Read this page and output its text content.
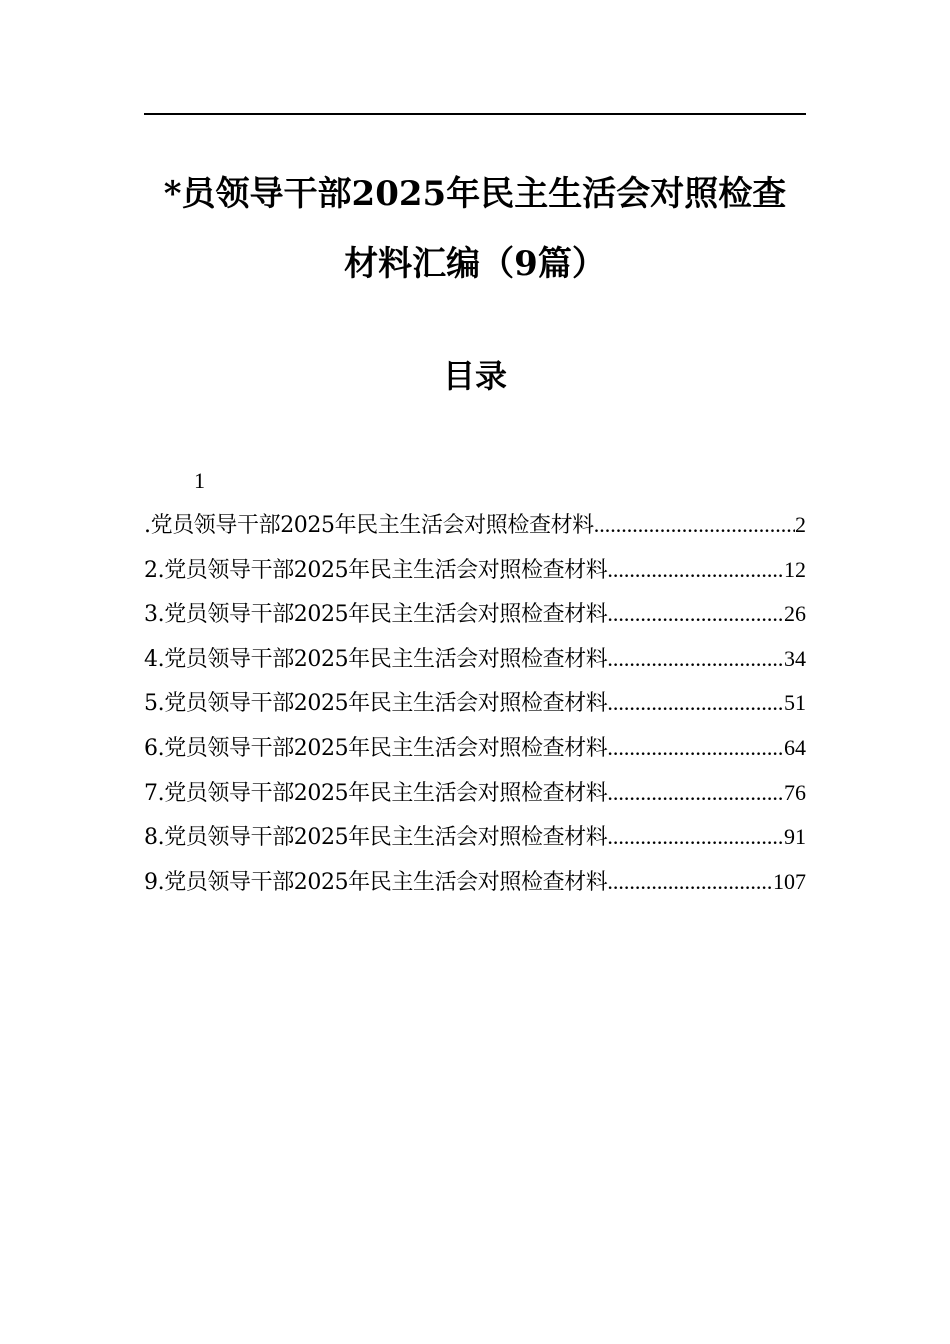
*员领导干部2025年民主生活会对照检查
材料汇编（9篇）
目录
1
.党员领导干部2025年民主生活会对照检查材料 .....	2
2.党员领导干部2025年民主生活会对照检查材料 .....	12
3.党员领导干部2025年民主生活会对照检查材料 .....	26
4.党员领导干部2025年民主生活会对照检查材料 .....	34
5.党员领导干部2025年民主生活会对照检查材料 .....	51
6.党员领导干部2025年民主生活会对照检查材料 .....	64
7.党员领导干部2025年民主生活会对照检查材料 .....	76
8.党员领导干部2025年民主生活会对照检查材料 .....	91
9.党员领导干部2025年民主生活会对照检查材料 .....	107
